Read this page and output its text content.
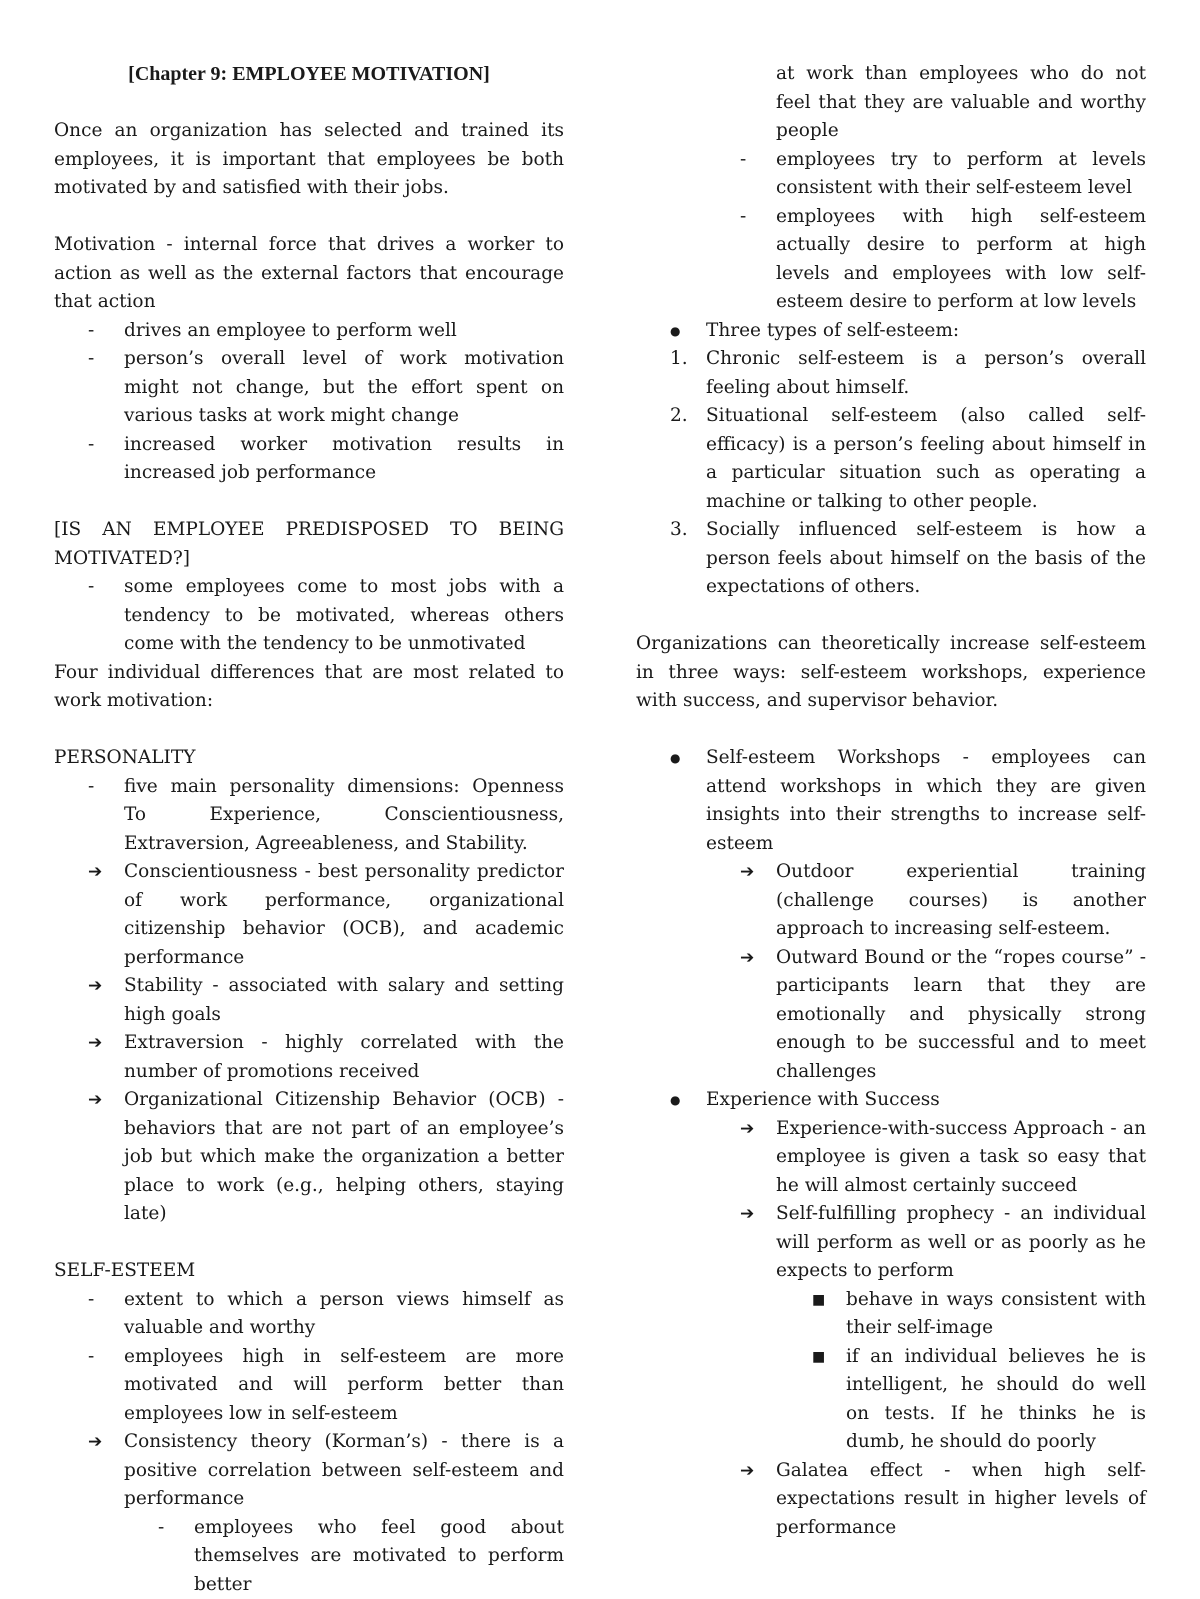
[Chapter 9: EMPLOYEE MOTIVATION]

Once an organization has selected and trained its employees, it is important that employees be both motivated by and satisfied with their jobs.

Motivation - internal force that drives a worker to action as well as the external factors that encourage that action

- drives an employee to perform well
- person’s overall level of work motivation might not change, but the effort spent on various tasks at work might change
- increased worker motivation results in increased job performance

[IS AN EMPLOYEE PREDISPOSED TO BEING MOTIVATED?]

- some employees come to most jobs with a tendency to be motivated, whereas others come with the tendency to be unmotivated

Four individual differences that are most related to work motivation:

PERSONALITY

- five main personality dimensions: Openness To Experience, Conscientiousness, Extraversion, Agreeableness, and Stability.
➔ Conscientiousness - best personality predictor of work performance, organizational citizenship behavior (OCB), and academic performance
➔ Stability - associated with salary and setting high goals
➔ Extraversion - highly correlated with the number of promotions received
➔ Organizational Citizenship Behavior (OCB) - behaviors that are not part of an employee’s job but which make the organization a better place to work (e.g., helping others, staying late)

SELF-ESTEEM

- extent to which a person views himself as valuable and worthy
- employees high in self-esteem are more motivated and will perform better than employees low in self-esteem
➔ Consistency theory (Korman’s) - there is a positive correlation between self-esteem and performance
- employees who feel good about themselves are motivated to perform better
at work than employees who do not feel that they are valuable and worthy people
- employees try to perform at levels consistent with their self-esteem level
- employees with high self-esteem actually desire to perform at high levels and employees with low self-esteem desire to perform at low levels
● Three types of self-esteem:
1. Chronic self-esteem is a person’s overall feeling about himself.
2. Situational self-esteem (also called self-efficacy) is a person’s feeling about himself in a particular situation such as operating a machine or talking to other people.
3. Socially influenced self-esteem is how a person feels about himself on the basis of the expectations of others.

Organizations can theoretically increase self-esteem in three ways: self-esteem workshops, experience with success, and supervisor behavior.

● Self-esteem Workshops - employees can attend workshops in which they are given insights into their strengths to increase self-esteem
➔ Outdoor experiential training (challenge courses) is another approach to increasing self-esteem.
➔ Outward Bound or the “ropes course” - participants learn that they are emotionally and physically strong enough to be successful and to meet challenges
● Experience with Success
➔ Experience-with-success Approach - an employee is given a task so easy that he will almost certainly succeed
➔ Self-fulfilling prophecy - an individual will perform as well or as poorly as he expects to perform
■ behave in ways consistent with their self-image
■ if an individual believes he is intelligent, he should do well on tests. If he thinks he is dumb, he should do poorly
➔ Galatea effect - when high self-expectations result in higher levels of performance
